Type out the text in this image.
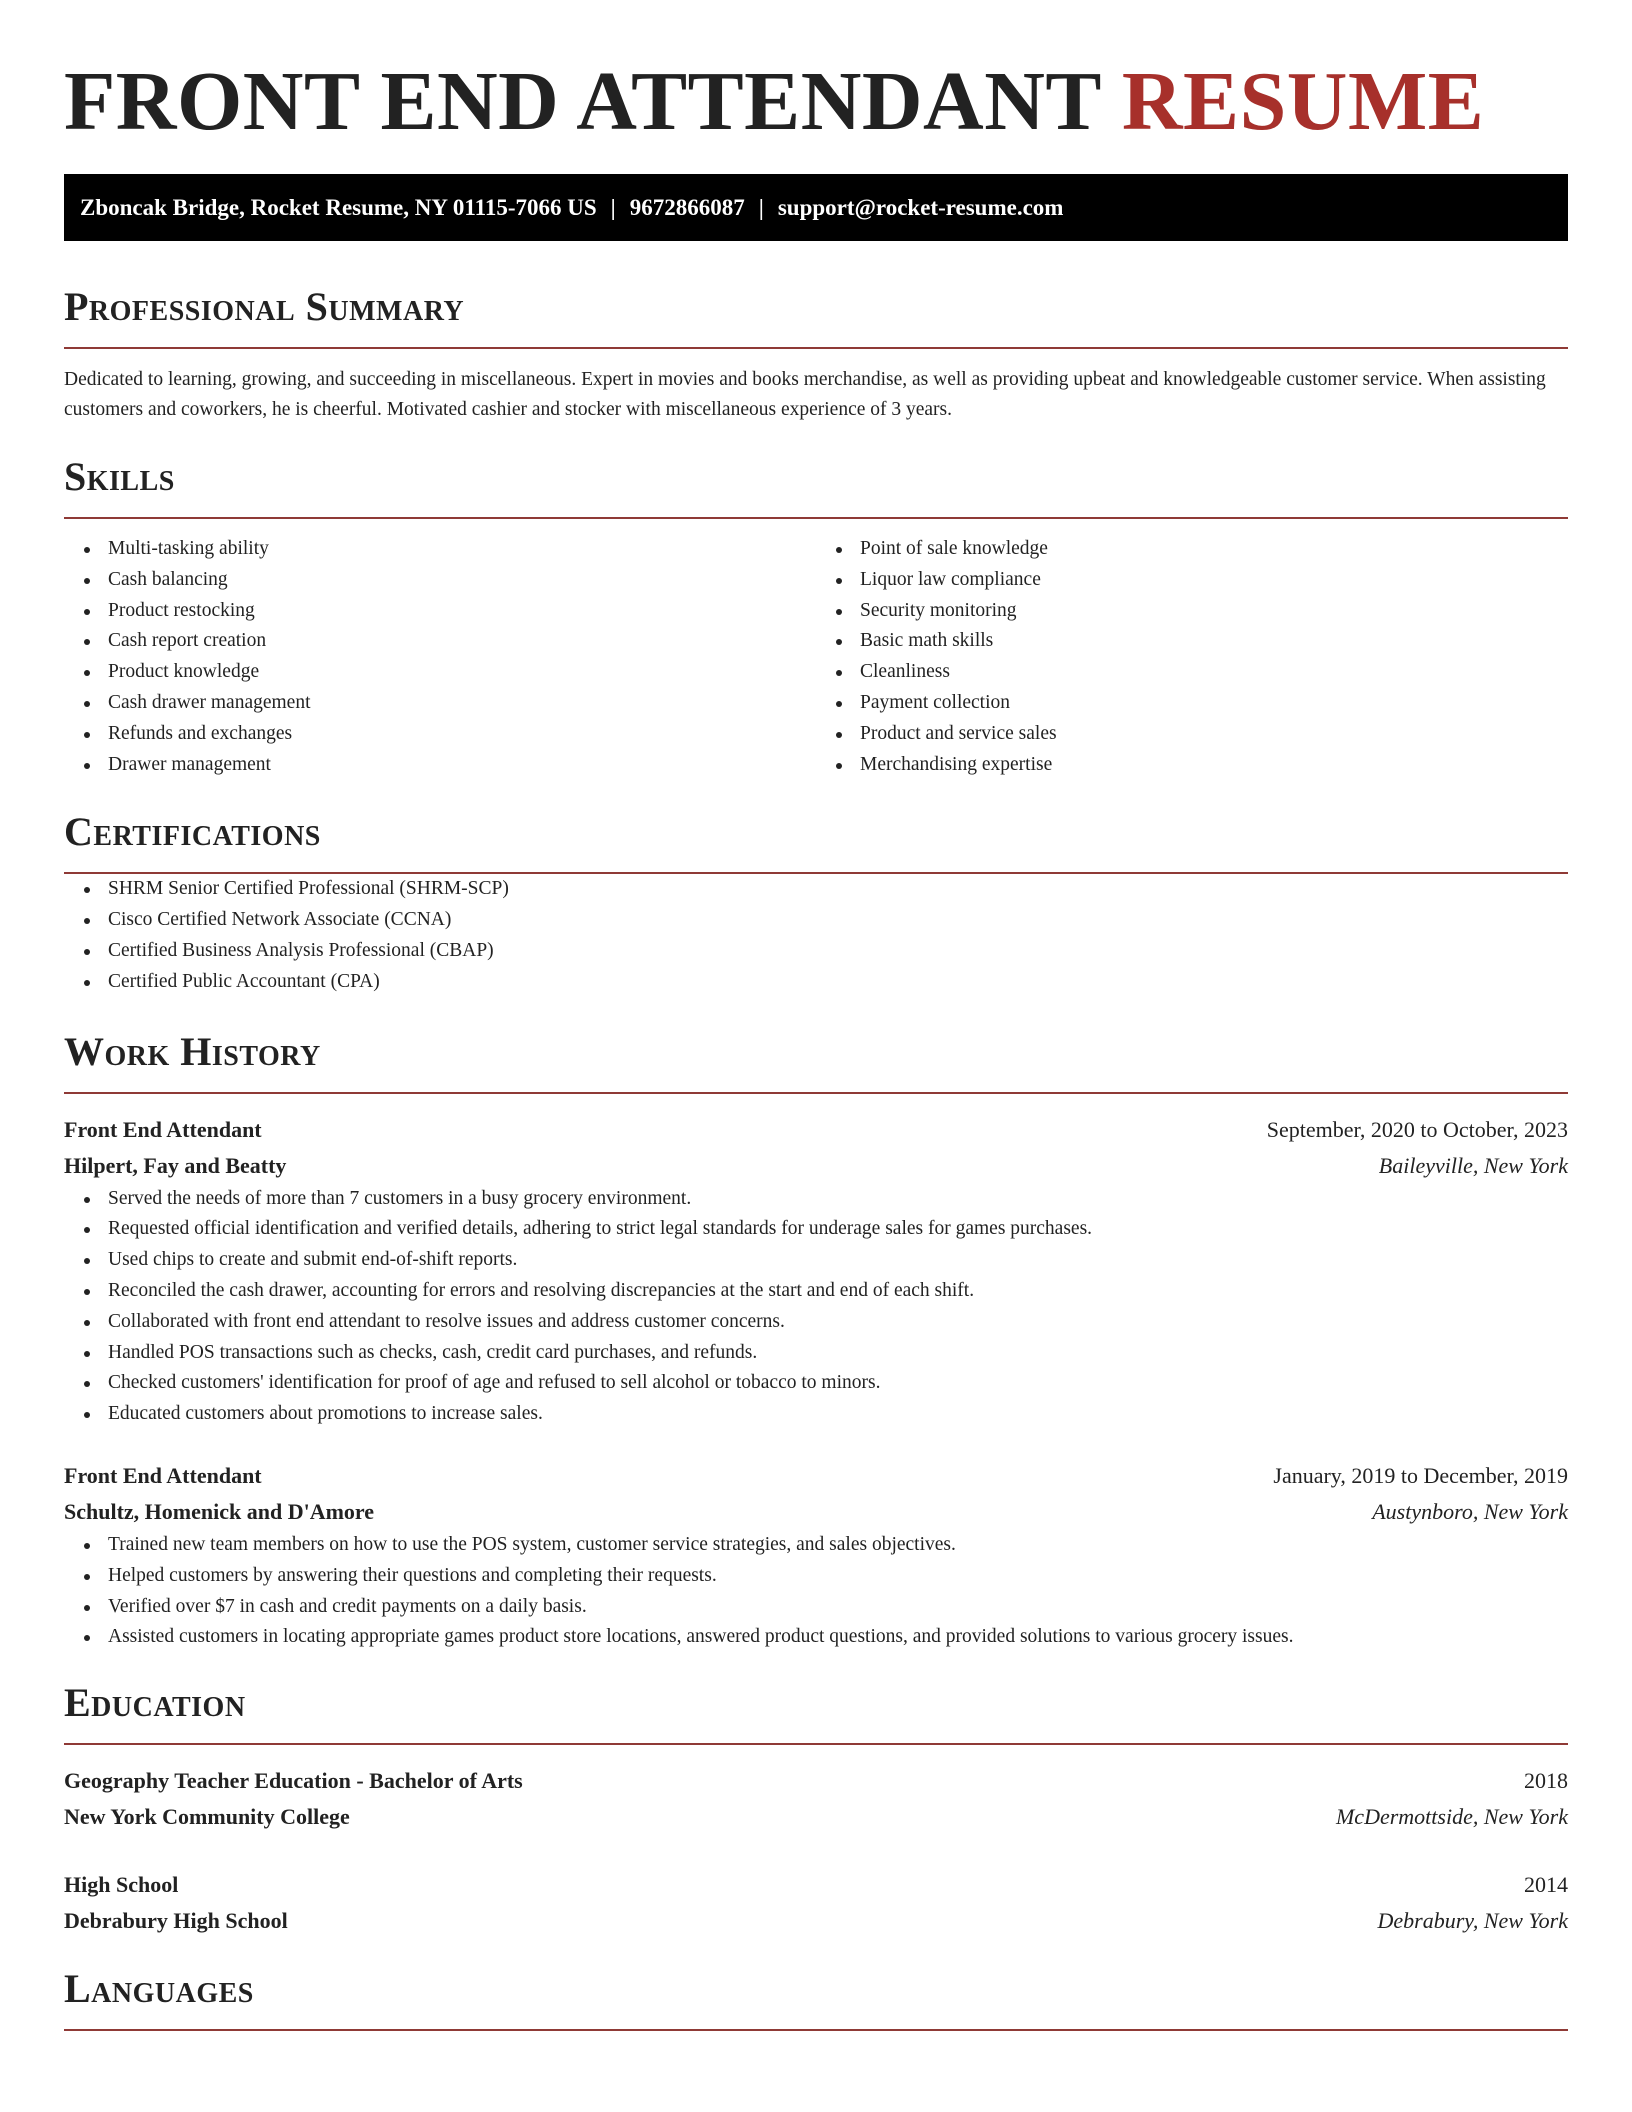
FRONT END ATTENDANT RESUME
Zboncak Bridge, Rocket Resume, NY 01115-7066 US | 9672866087 | support@rocket-resume.com
Professional Summary

Dedicated to learning, growing, and succeeding in miscellaneous. Expert in movies and books merchandise, as well as providing upbeat and knowledgeable customer service. When assisting customers and coworkers, he is cheerful. Motivated cashier and stocker with miscellaneous experience of 3 years.

Skills
Multi-tasking ability
Cash balancing
Product restocking
Cash report creation
Product knowledge
Cash drawer management
Refunds and exchanges
Drawer management
Point of sale knowledge
Liquor law compliance
Security monitoring
Basic math skills
Cleanliness
Payment collection
Product and service sales
Merchandising expertise
Certifications
SHRM Senior Certified Professional (SHRM-SCP)
Cisco Certified Network Associate (CCNA)
Certified Business Analysis Professional (CBAP)
Certified Public Accountant (CPA)
Work History
Front End Attendant	September, 2020 to October, 2023
Hilpert, Fay and Beatty	Baileyville, New York
Served the needs of more than 7 customers in a busy grocery environment.
Requested official identification and verified details, adhering to strict legal standards for underage sales for games purchases.
Used chips to create and submit end-of-shift reports.
Reconciled the cash drawer, accounting for errors and resolving discrepancies at the start and end of each shift.
Collaborated with front end attendant to resolve issues and address customer concerns.
Handled POS transactions such as checks, cash, credit card purchases, and refunds.
Checked customers' identification for proof of age and refused to sell alcohol or tobacco to minors.
Educated customers about promotions to increase sales.
Front End Attendant	January, 2019 to December, 2019
Schultz, Homenick and D'Amore	Austynboro, New York
Trained new team members on how to use the POS system, customer service strategies, and sales objectives.
Helped customers by answering their questions and completing their requests.
Verified over $7 in cash and credit payments on a daily basis.
Assisted customers in locating appropriate games product store locations, answered product questions, and provided solutions to various grocery issues.
Education
Geography Teacher Education - Bachelor of Arts	2018
New York Community College	McDermottside, New York
High School	2014
Debrabury High School	Debrabury, New York
Languages
